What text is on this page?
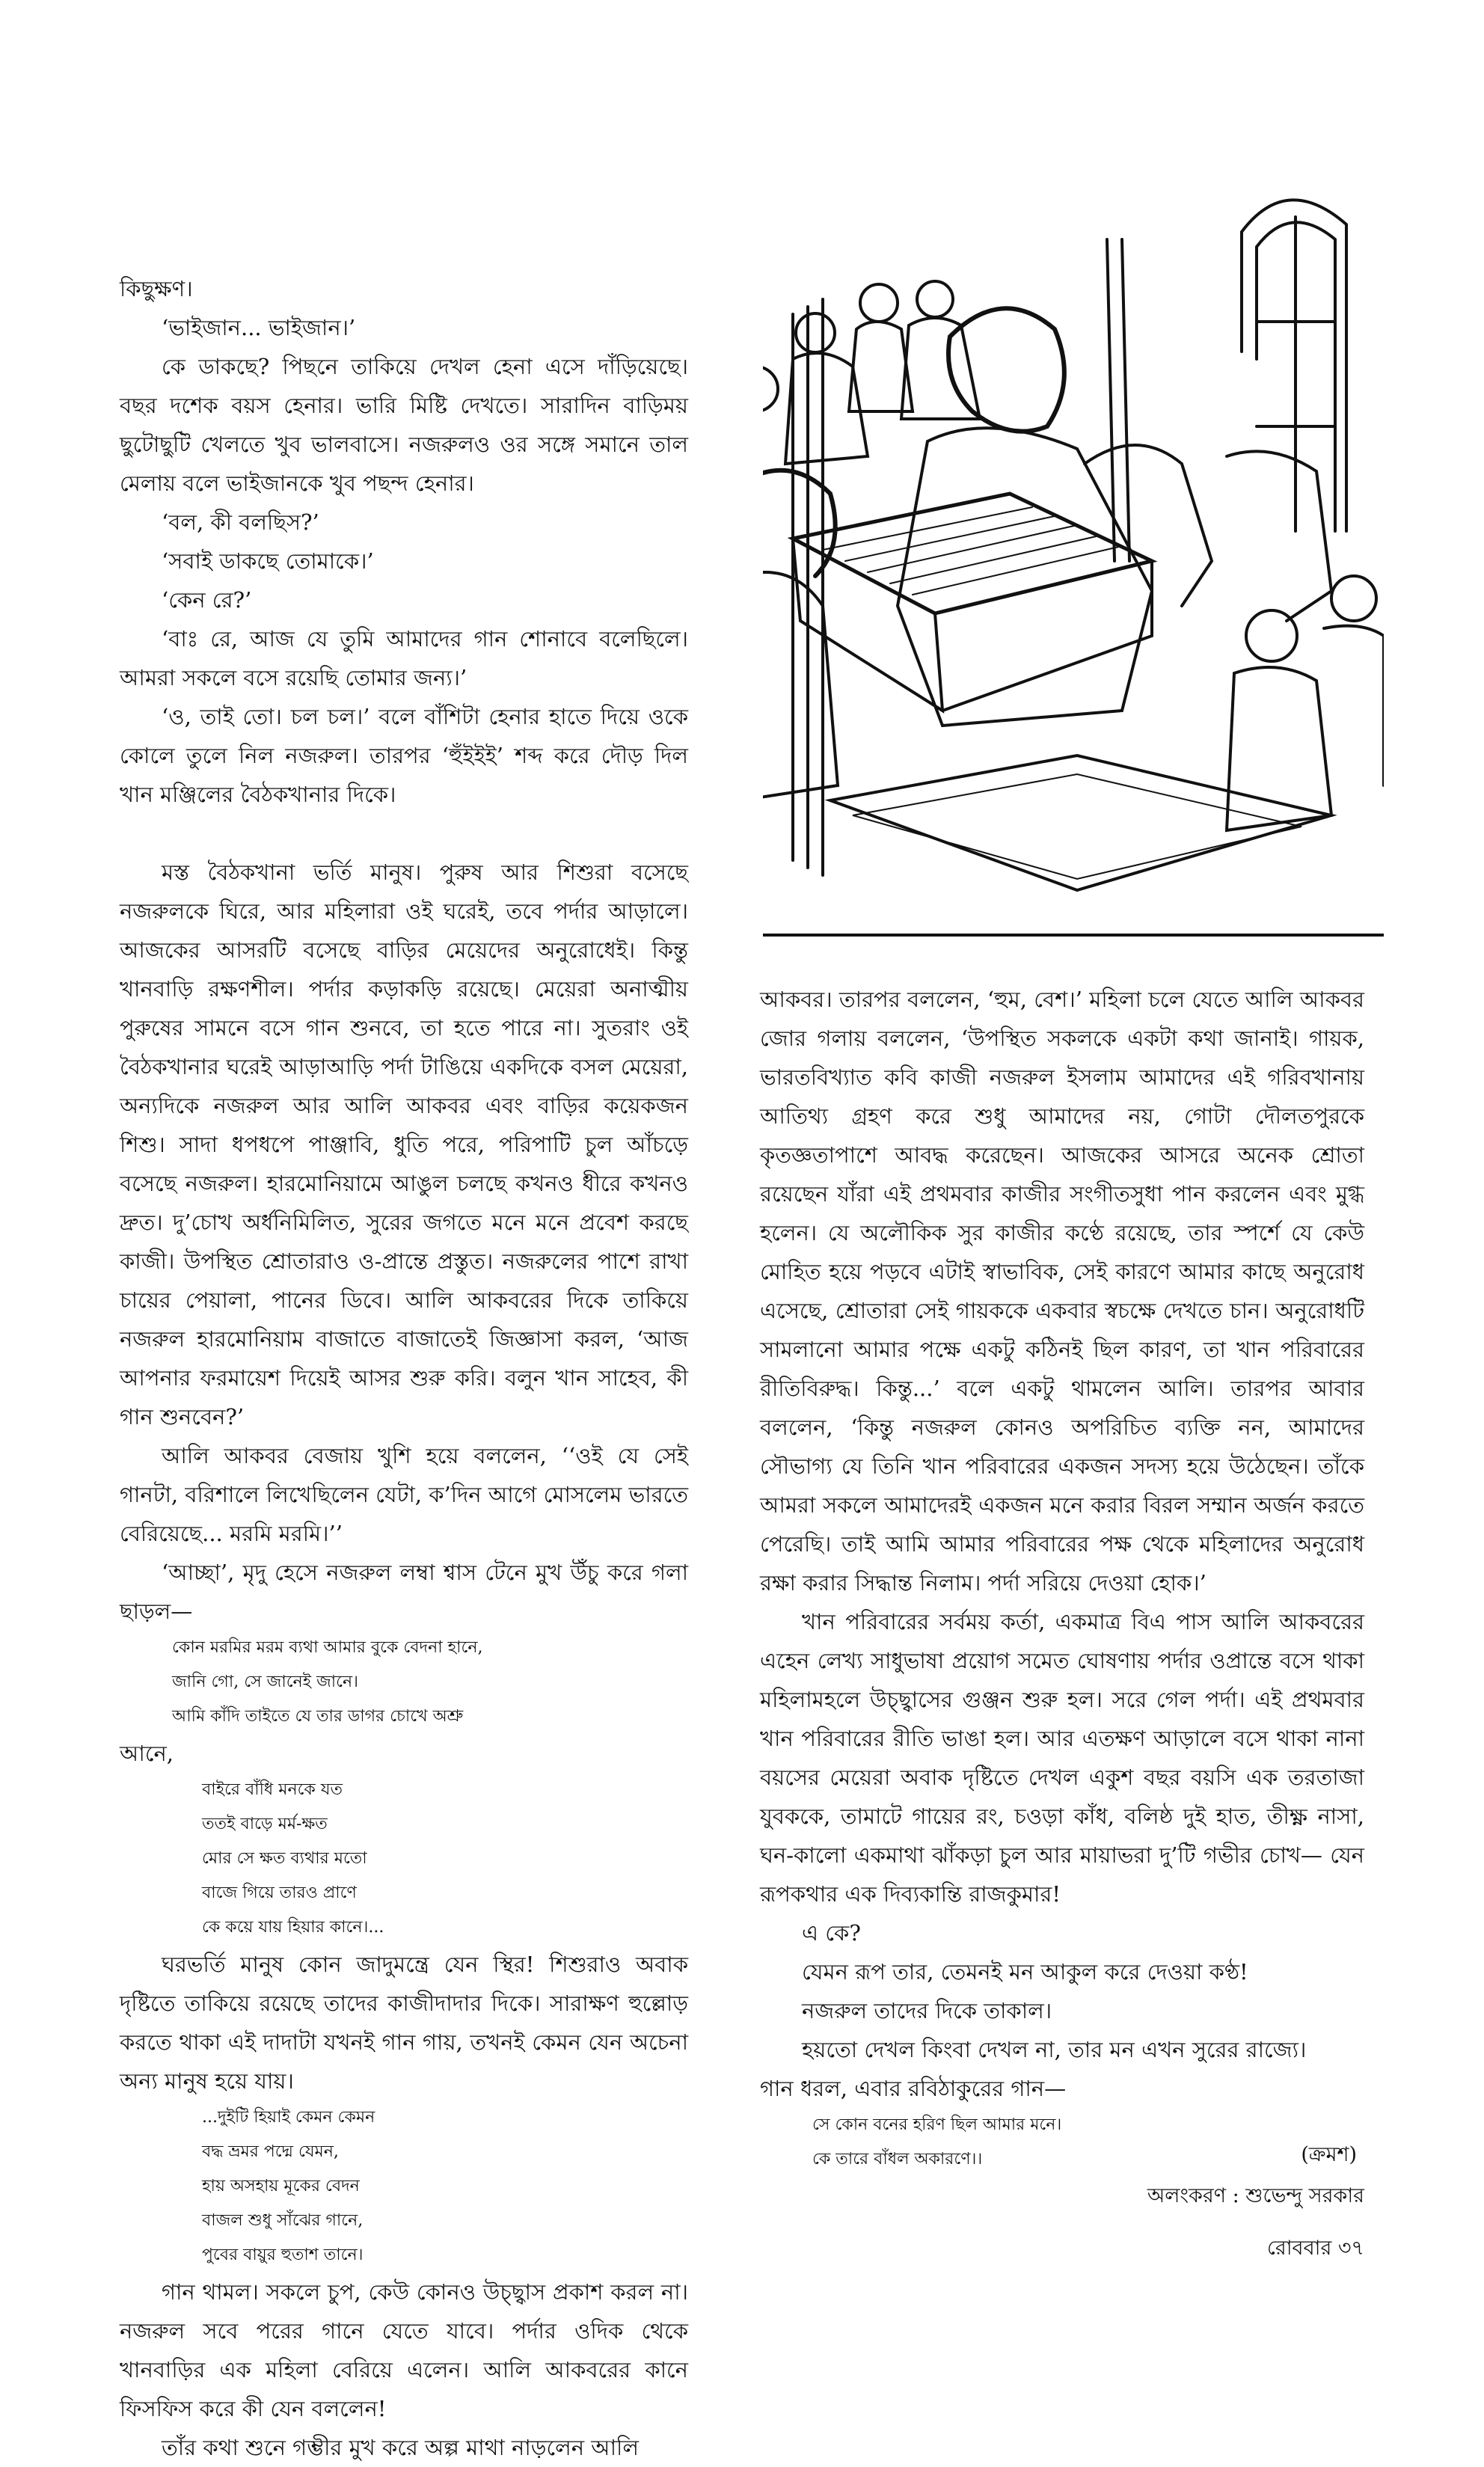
কিছুক্ষণ।

‘ভাইজান... ভাইজান।’

কে ডাকছে? পিছনে তাকিয়ে দেখল হেনা এসে দাঁড়িয়েছে। বছর দশেক বয়স হেনার। ভারি মিষ্টি দেখতে। সারাদিন বাড়িময় ছুটোছুটি খেলতে খুব ভালবাসে। নজরুলও ওর সঙ্গে সমানে তাল মেলায় বলে ভাইজানকে খুব পছন্দ হেনার।

‘বল, কী বলছিস?’

‘সবাই ডাকছে তোমাকে।’

‘কেন রে?’

‘বাঃ রে, আজ যে তুমি আমাদের গান শোনাবে বলেছিলে। আমরা সকলে বসে রয়েছি তোমার জন্য।’

‘ও, তাই তো। চল চল।’ বলে বাঁশিটা হেনার হাতে দিয়ে ওকে কোলে তুলে নিল নজরুল। তারপর ‘হুঁইইই’ শব্দ করে দৌড় দিল খান মঞ্জিলের বৈঠকখানার দিকে।

মস্ত বৈঠকখানা ভর্তি মানুষ। পুরুষ আর শিশুরা বসেছে নজরুলকে ঘিরে, আর মহিলারা ওই ঘরেই, তবে পর্দার আড়ালে। আজকের আসরটি বসেছে বাড়ির মেয়েদের অনুরোধেই। কিন্তু খানবাড়ি রক্ষণশীল। পর্দার কড়াকড়ি রয়েছে। মেয়েরা অনাত্মীয় পুরুষের সামনে বসে গান শুনবে, তা হতে পারে না। সুতরাং ওই বৈঠকখানার ঘরেই আড়াআড়ি পর্দা টাঙিয়ে একদিকে বসল মেয়েরা, অন্যদিকে নজরুল আর আলি আকবর এবং বাড়ির কয়েকজন শিশু। সাদা ধপধপে পাঞ্জাবি, ধুতি পরে, পরিপাটি চুল আঁচড়ে বসেছে নজরুল। হারমোনিয়ামে আঙুল চলছে কখনও ধীরে কখনও দ্রুত। দু’চোখ অর্ধনিমিলিত, সুরের জগতে মনে মনে প্রবেশ করছে কাজী। উপস্থিত শ্রোতারাও ও-প্রান্তে প্রস্তুত। নজরুলের পাশে রাখা চায়ের পেয়ালা, পানের ডিবে। আলি আকবরের দিকে তাকিয়ে নজরুল হারমোনিয়াম বাজাতে বাজাতেই জিজ্ঞাসা করল, ‘আজ আপনার ফরমায়েশ দিয়েই আসর শুরু করি। বলুন খান সাহেব, কী গান শুনবেন?’

আলি আকবর বেজায় খুশি হয়ে বললেন, ‘‘ওই যে সেই গানটা, বরিশালে লিখেছিলেন যেটা, ক’দিন আগে মোসলেম ভারতে বেরিয়েছে... মরমি মরমি।’’

‘আচ্ছা’, মৃদু হেসে নজরুল লম্বা শ্বাস টেনে মুখ উঁচু করে গলা ছাড়ল—

কোন মরমির মরম ব্যথা আমার বুকে বেদনা হানে,
জানি গো, সে জানেই জানে।
আমি কাঁদি তাইতে যে তার ডাগর চোখে অশ্রু

আনে,

বাইরে বাঁধি মনকে যত
ততই বাড়ে মর্ম-ক্ষত
মোর সে ক্ষত ব্যথার মতো
বাজে গিয়ে তারও প্রাণে
কে কয়ে যায় হিয়ার কানে।...

ঘরভর্তি মানুষ কোন জাদুমন্ত্রে যেন স্থির! শিশুরাও অবাক দৃষ্টিতে তাকিয়ে রয়েছে তাদের কাজীদাদার দিকে। সারাক্ষণ হুল্লোড় করতে থাকা এই দাদাটা যখনই গান গায়, তখনই কেমন যেন অচেনা অন্য মানুষ হয়ে যায়।

...দুইটি হিয়াই কেমন কেমন
বদ্ধ ভ্রমর পদ্মে যেমন,
হায় অসহায় মূকের বেদন
বাজল শুধু সাঁঝের গানে,
পুবের বায়ুর হুতাশ তানে।

গান থামল। সকলে চুপ, কেউ কোনও উচ্ছ্বাস প্রকাশ করল না। নজরুল সবে পরের গানে যেতে যাবে। পর্দার ওদিক থেকে খানবাড়ির এক মহিলা বেরিয়ে এলেন। আলি আকবরের কানে ফিসফিস করে কী যেন বললেন!

তাঁর কথা শুনে গম্ভীর মুখ করে অল্প মাথা নাড়লেন আলি

আকবর। তারপর বললেন, ‘হুম, বেশ।’ মহিলা চলে যেতে আলি আকবর জোর গলায় বললেন, ‘উপস্থিত সকলকে একটা কথা জানাই। গায়ক, ভারতবিখ্যাত কবি কাজী নজরুল ইসলাম আমাদের এই গরিবখানায় আতিথ্য গ্রহণ করে শুধু আমাদের নয়, গোটা দৌলতপুরকে কৃতজ্ঞতাপাশে আবদ্ধ করেছেন। আজকের আসরে অনেক শ্রোতা রয়েছেন যাঁরা এই প্রথমবার কাজীর সংগীতসুধা পান করলেন এবং মুগ্ধ হলেন। যে অলৌকিক সুর কাজীর কণ্ঠে রয়েছে, তার স্পর্শে যে কেউ মোহিত হয়ে পড়বে এটাই স্বাভাবিক, সেই কারণে আমার কাছে অনুরোধ এসেছে, শ্রোতারা সেই গায়ককে একবার স্বচক্ষে দেখতে চান। অনুরোধটি সামলানো আমার পক্ষে একটু কঠিনই ছিল কারণ, তা খান পরিবারের রীতিবিরুদ্ধ। কিন্তু...’ বলে একটু থামলেন আলি। তারপর আবার বললেন, ‘কিন্তু নজরুল কোনও অপরিচিত ব্যক্তি নন, আমাদের সৌভাগ্য যে তিনি খান পরিবারের একজন সদস্য হয়ে উঠেছেন। তাঁকে আমরা সকলে আমাদেরই একজন মনে করার বিরল সম্মান অর্জন করতে পেরেছি। তাই আমি আমার পরিবারের পক্ষ থেকে মহিলাদের অনুরোধ রক্ষা করার সিদ্ধান্ত নিলাম। পর্দা সরিয়ে দেওয়া হোক।’

খান পরিবারের সর্বময় কর্তা, একমাত্র বিএ পাস আলি আকবরের এহেন লেখ্য সাধুভাষা প্রয়োগ সমেত ঘোষণায় পর্দার ওপ্রান্তে বসে থাকা মহিলামহলে উচ্ছ্বাসের গুঞ্জন শুরু হল। সরে গেল পর্দা। এই প্রথমবার খান পরিবারের রীতি ভাঙা হল। আর এতক্ষণ আড়ালে বসে থাকা নানা বয়সের মেয়েরা অবাক দৃষ্টিতে দেখল একুশ বছর বয়সি এক তরতাজা যুবককে, তামাটে গায়ের রং, চওড়া কাঁধ, বলিষ্ঠ দুই হাত, তীক্ষ্ণ নাসা, ঘন-কালো একমাথা ঝাঁকড়া চুল আর মায়াভরা দু’টি গভীর চোখ— যেন রূপকথার এক দিব্যকান্তি রাজকুমার!

এ কে?

যেমন রূপ তার, তেমনই মন আকুল করে দেওয়া কণ্ঠ!

নজরুল তাদের দিকে তাকাল।

হয়তো দেখল কিংবা দেখল না, তার মন এখন সুরের রাজ্যে।

গান ধরল, এবার রবিঠাকুরের গান—

সে কোন বনের হরিণ ছিল আমার মনে।
কে তারে বাঁধল অকারণে।।	(ক্রমশ)
অলংকরণ : শুভেন্দু সরকার
রোববার ৩৭
